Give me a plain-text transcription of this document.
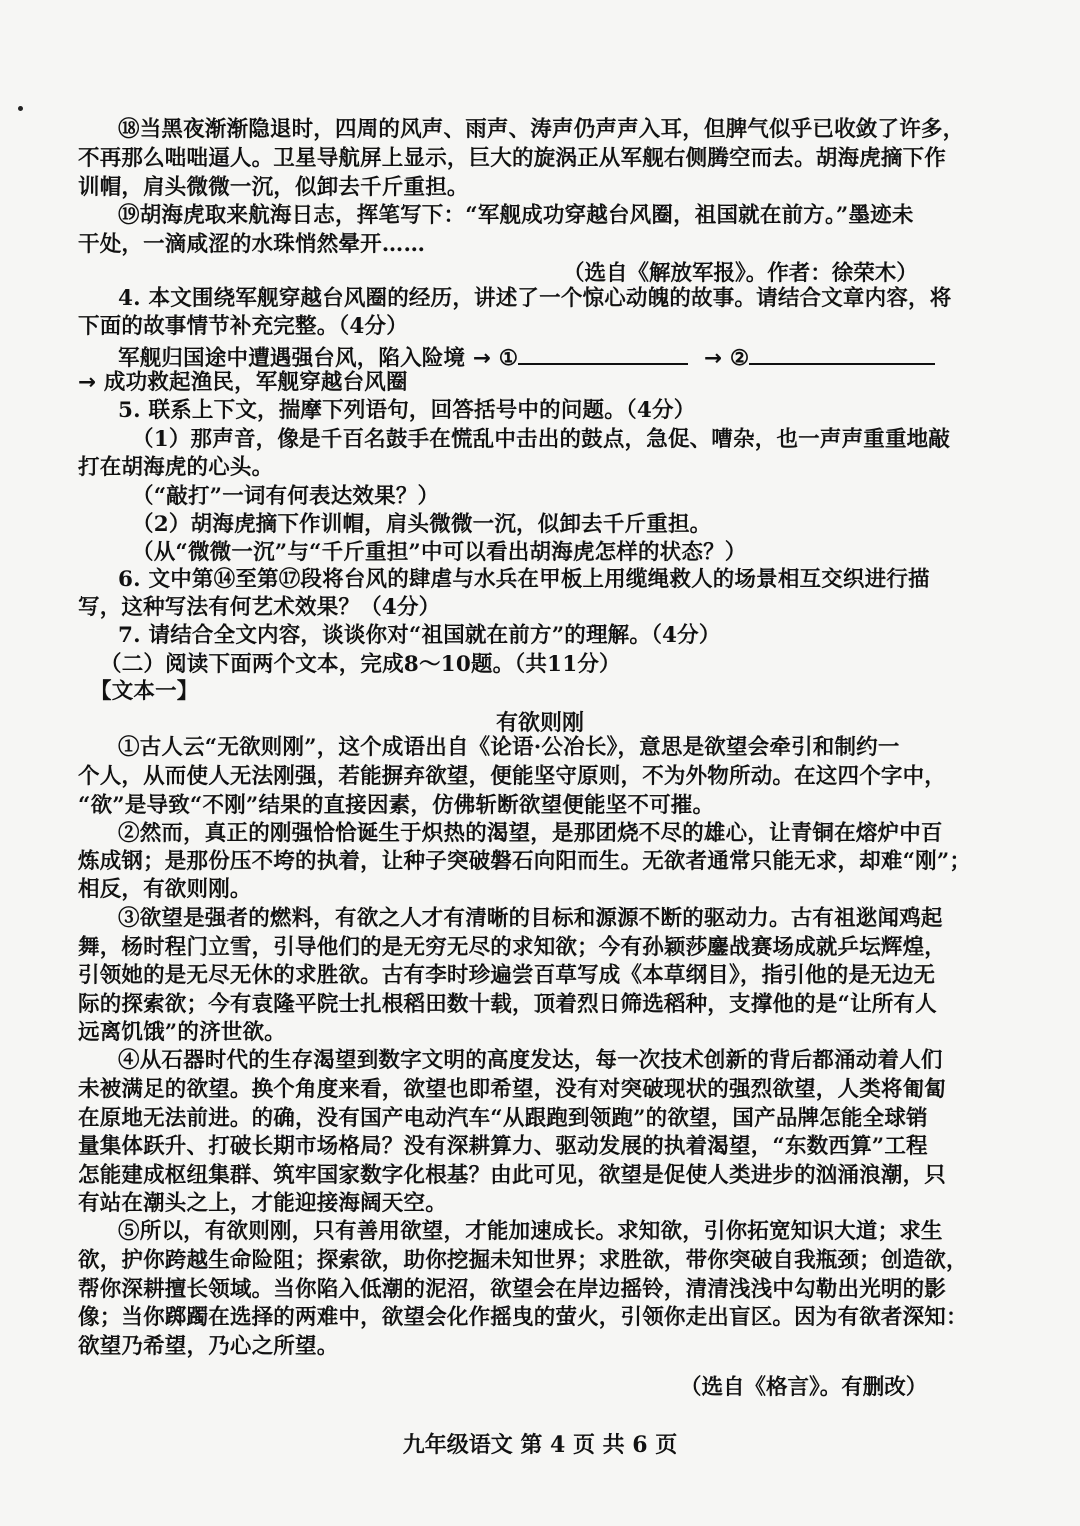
⑱当黑夜渐渐隐退时，四周的风声、雨声、涛声仍声声入耳，但脾气似乎已收敛了许多，
不再那么咄咄逼人。卫星导航屏上显示，巨大的旋涡正从军舰右侧腾空而去。胡海虎摘下作
训帽，肩头微微一沉，似卸去千斤重担。
⑲胡海虎取来航海日志，挥笔写下：“军舰成功穿越台风圈，祖国就在前方。”墨迹未
干处，一滴咸涩的水珠悄然晕开……
（选自《解放军报》。作者：徐荣木）
4. 本文围绕军舰穿越台风圈的经历，讲述了一个惊心动魄的故事。请结合文章内容，将
下面的故事情节补充完整。（4分）
军舰归国途中遭遇强台风，陷入险境 → ①	→ ②
→ 成功救起渔民，军舰穿越台风圈
5. 联系上下文，揣摩下列语句，回答括号中的问题。（4分）
（1）那声音，像是千百名鼓手在慌乱中击出的鼓点，急促、嘈杂，也一声声重重地敲
打在胡海虎的心头。
（“敲打”一词有何表达效果？）
（2）胡海虎摘下作训帽，肩头微微一沉，似卸去千斤重担。
（从“微微一沉”与“千斤重担”中可以看出胡海虎怎样的状态？）
6. 文中第⑭至第⑰段将台风的肆虐与水兵在甲板上用缆绳救人的场景相互交织进行描
写，这种写法有何艺术效果？（4分）
7. 请结合全文内容，谈谈你对“祖国就在前方”的理解。（4分）
（二）阅读下面两个文本，完成8～10题。（共11分）
【文本一】
有欲则刚
①古人云“无欲则刚”，这个成语出自《论语·公冶长》，意思是欲望会牵引和制约一
个人，从而使人无法刚强，若能摒弃欲望，便能坚守原则，不为外物所动。在这四个字中，
“欲”是导致“不刚”结果的直接因素，仿佛斩断欲望便能坚不可摧。
②然而，真正的刚强恰恰诞生于炽热的渴望，是那团烧不尽的雄心，让青铜在熔炉中百
炼成钢；是那份压不垮的执着，让种子突破磐石向阳而生。无欲者通常只能无求，却难“刚”；
相反，有欲则刚。
③欲望是强者的燃料，有欲之人才有清晰的目标和源源不断的驱动力。古有祖逖闻鸡起
舞，杨时程门立雪，引导他们的是无穷无尽的求知欲；今有孙颖莎鏖战赛场成就乒坛辉煌，
引领她的是无尽无休的求胜欲。古有李时珍遍尝百草写成《本草纲目》，指引他的是无边无
际的探索欲；今有袁隆平院士扎根稻田数十载，顶着烈日筛选稻种，支撑他的是“让所有人
远离饥饿”的济世欲。
④从石器时代的生存渴望到数字文明的高度发达，每一次技术创新的背后都涌动着人们
未被满足的欲望。换个角度来看，欲望也即希望，没有对突破现状的强烈欲望，人类将匍匐
在原地无法前进。的确，没有国产电动汽车“从跟跑到领跑”的欲望，国产品牌怎能全球销
量集体跃升、打破长期市场格局？没有深耕算力、驱动发展的执着渴望，“东数西算”工程
怎能建成枢纽集群、筑牢国家数字化根基？由此可见，欲望是促使人类进步的汹涌浪潮，只
有站在潮头之上，才能迎接海阔天空。
⑤所以，有欲则刚，只有善用欲望，才能加速成长。求知欲，引你拓宽知识大道；求生
欲，护你跨越生命险阻；探索欲，助你挖掘未知世界；求胜欲，带你突破自我瓶颈；创造欲，
帮你深耕擅长领域。当你陷入低潮的泥沼，欲望会在岸边摇铃，清清浅浅中勾勒出光明的影
像；当你踯躅在选择的两难中，欲望会化作摇曳的萤火，引领你走出盲区。因为有欲者深知：
欲望乃希望，乃心之所望。
（选自《格言》。有删改）
九年级语文 第 4 页 共 6 页
